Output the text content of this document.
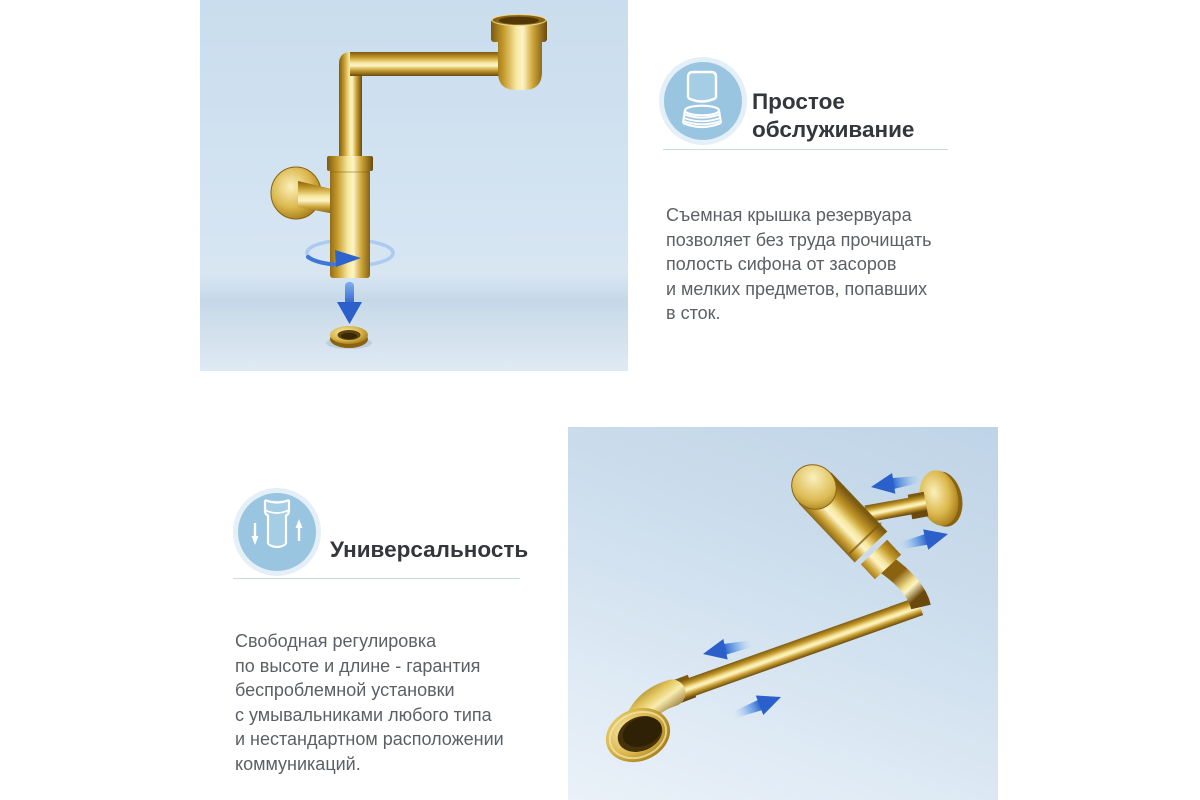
Простое
обслуживание

Съемная крышка резервуара
позволяет без труда прочищать
полость сифона от засоров
и мелких предметов, попавших
в сток.

Универсальность

Свободная регулировка
по высоте и длине - гарантия
беспроблемной установки
с умывальниками любого типа
и нестандартном расположении
коммуникаций.
